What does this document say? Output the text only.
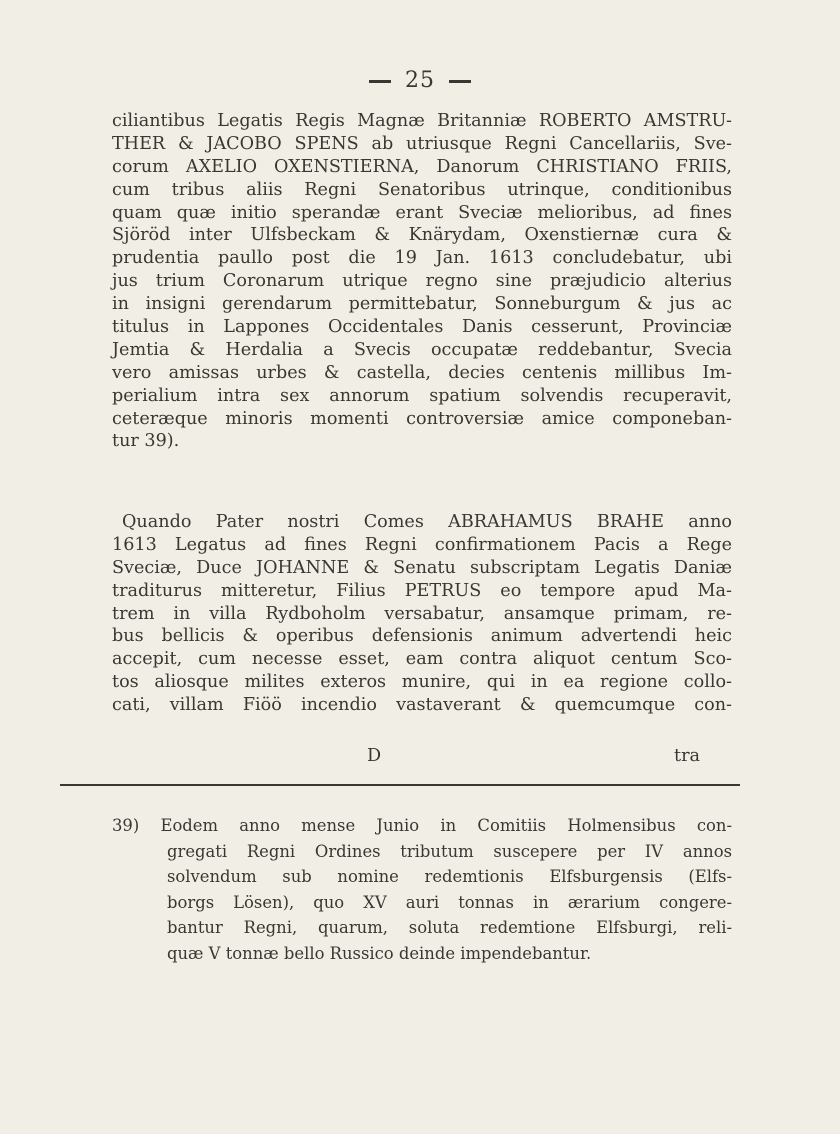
25
ciliantibus Legatis Regis Magnæ Britanniæ ROBERTO AMSTRU-
THER & JACOBO SPENS ab utriusque Regni Cancellariis, Sve-
corum AXELIO OXENSTIERNA, Danorum CHRISTIANO FRIIS,
cum tribus aliis Regni Senatoribus utrinque, conditionibus
quam quæ initio sperandæ erant Sveciæ melioribus, ad fines
Sjöröd inter Ulfsbeckam & Knärydam, Oxenstiernæ cura &
prudentia paullo post die 19 Jan. 1613 concludebatur, ubi
jus trium Coronarum utrique regno sine præjudicio alterius
in insigni gerendarum permittebatur, Sonneburgum & jus ac
titulus in Lappones Occidentales Danis cesserunt, Provinciæ
Jemtia & Herdalia a Svecis occupatæ reddebantur, Svecia
vero amissas urbes & castella, decies centenis millibus Im-
perialium intra sex annorum spatium solvendis recuperavit,
ceteræque minoris momenti controversiæ amice componeban-
tur 39).
Quando Pater nostri Comes ABRAHAMUS BRAHE anno
1613 Legatus ad fines Regni confirmationem Pacis a Rege
Sveciæ, Duce JOHANNE & Senatu subscriptam Legatis Daniæ
traditurus mitteretur, Filius PETRUS eo tempore apud Ma-
trem in villa Rydboholm versabatur, ansamque primam, re-
bus bellicis & operibus defensionis animum advertendi heic
accepit, cum necesse esset, eam contra aliquot centum Sco-
tos aliosque milites exteros munire, qui in ea regione collo-
cati, villam Fiöö incendio vastaverant & quemcumque con-
D	tra
39) Eodem anno mense Junio in Comitiis Holmensibus con-
gregati Regni Ordines tributum suscepere per IV annos
solvendum sub nomine redemtionis Elfsburgensis (Elfs-
borgs Lösen), quo XV auri tonnas in ærarium congere-
bantur Regni, quarum, soluta redemtione Elfsburgi, reli-
quæ V tonnæ bello Russico deinde impendebantur.
